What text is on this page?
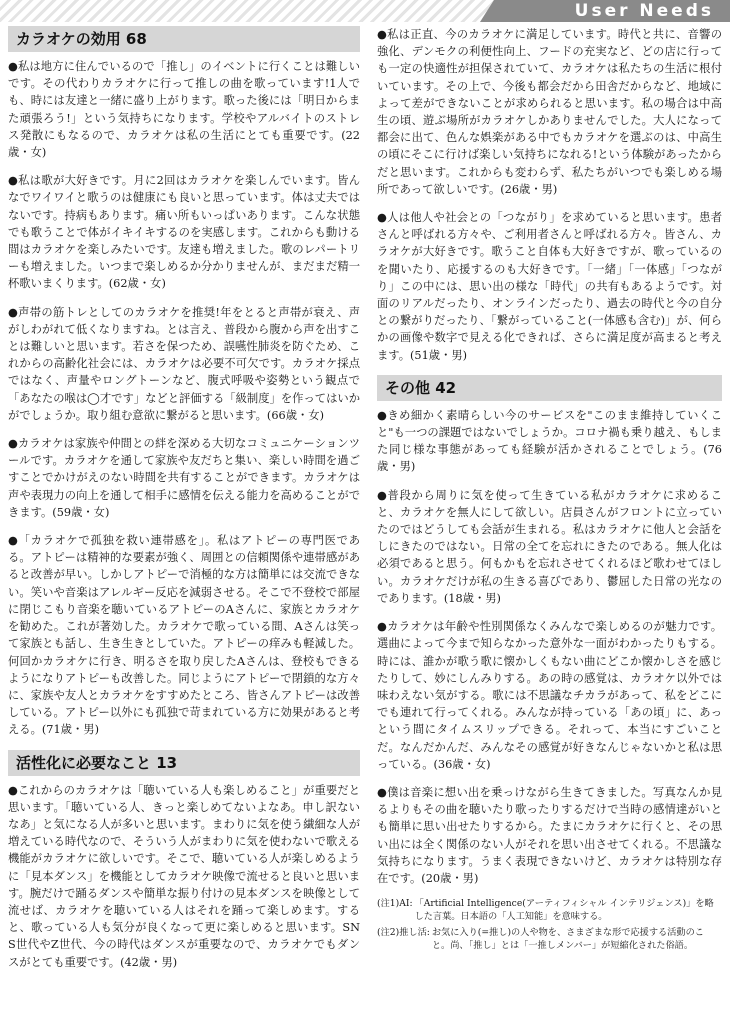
User Needs
カラオケの効用 68

●私は地方に住んでいるので「推し」のイベントに行くことは難しいです。その代わりカラオケに行って推しの曲を歌っています!1人でも、時には友達と一緒に盛り上がります。歌った後には「明日からまた頑張ろう!」という気持ちになります。学校やアルバイトのストレス発散にもなるので、カラオケは私の生活にとても重要です。(22歳・女)

●私は歌が大好きです。月に2回はカラオケを楽しんでいます。皆んなでワイワイと歌うのは健康にも良いと思っています。体は丈夫ではないです。持病もあります。痛い所もいっぱいあります。こんな状態でも歌うことで体がイキイキするのを実感します。これからも動ける間はカラオケを楽しみたいです。友達も増えました。歌のレパートリーも増えました。いつまで楽しめるか分かりませんが、まだまだ精一杯歌いまくります。(62歳・女)

●声帯の筋トレとしてのカラオケを推奨!年をとると声帯が衰え、声がしわがれて低くなりますね。とは言え、普段から腹から声を出すことは難しいと思います。若さを保つため、誤嚥性肺炎を防ぐため、これからの高齢化社会には、カラオケは必要不可欠です。カラオケ採点ではなく、声量やロングトーンなど、腹式呼吸や姿勢という観点で「あなたの喉は◯才です」などと評価する「級制度」を作ってはいかがでしょうか。取り組む意欲に繋がると思います。(66歳・女)

●カラオケは家族や仲間との絆を深める大切なコミュニケーションツールです。カラオケを通して家族や友だちと集い、楽しい時間を過ごすことでかけがえのない時間を共有することができます。カラオケは声や表現力の向上を通して相手に感情を伝える能力を高めることができます。(59歳・女)

●「カラオケで孤独を救い連帯感を」。私はアトピーの専門医である。アトピーは精神的な要素が強く、周囲との信頼関係や連帯感があると改善が早い。しかしアトピーで消極的な方は簡単には交流できない。笑いや音楽はアレルギー反応を減弱させる。そこで不登校で部屋に閉じこもり音楽を聴いているアトピーのAさんに、家族とカラオケを勧めた。これが著効した。カラオケで歌っている間、Aさんは笑って家族とも話し、生き生きとしていた。アトピーの痒みも軽減した。何回かカラオケに行き、明るさを取り戻したAさんは、登校もできるようになりアトピーも改善した。同じようにアトピーで閉鎖的な方々に、家族や友人とカラオケをすすめたところ、皆さんアトピーは改善している。アトピー以外にも孤独で苛まれている方に効果があると考える。(71歳・男)

活性化に必要なこと 13

●これからのカラオケは「聴いている人も楽しめること」が重要だと思います。「聴いている人、きっと楽しめてないよなあ。申し訳ないなあ」と気になる人が多いと思います。まわりに気を使う繊細な人が増えている時代なので、そういう人がまわりに気を使わないで歌える機能がカラオケに欲しいです。そこで、聴いている人が楽しめるように「見本ダンス」を機能としてカラオケ映像で流せると良いと思います。腕だけで踊るダンスや簡単な振り付けの見本ダンスを映像として流せば、カラオケを聴いている人はそれを踊って楽しめます。すると、歌っている人も気分が良くなって更に楽しめると思います。SNS世代やZ世代、今の時代はダンスが重要なので、カラオケでもダンスがとても重要です。(42歳・男)

●私は正直、今のカラオケに満足しています。時代と共に、音響の強化、デンモクの利便性向上、フードの充実など、どの店に行っても一定の快適性が担保されていて、カラオケは私たちの生活に根付いています。その上で、今後も都会だから田舎だからなど、地域によって差ができないことが求められると思います。私の場合は中高生の頃、遊ぶ場所がカラオケしかありませんでした。大人になって都会に出て、色んな娯楽がある中でもカラオケを選ぶのは、中高生の頃にそこに行けば楽しい気持ちになれる!という体験があったからだと思います。これからも変わらず、私たちがいつでも楽しめる場所であって欲しいです。(26歳・男)

●人は他人や社会との「つながり」を求めていると思います。患者さんと呼ばれる方々や、ご利用者さんと呼ばれる方々。皆さん、カラオケが大好きです。歌うこと自体も大好きですが、歌っているのを聞いたり、応援するのも大好きです。「一緒」「一体感」「つながり」この中には、思い出の様な「時代」の共有もあるようです。対面のリアルだったり、オンラインだったり、過去の時代と今の自分との繋がりだったり、「繋がっていること(一体感も含む)」が、何らかの画像や数字で見える化できれば、さらに満足度が高まると考えます。(51歳・男)

その他 42

●きめ細かく素晴らしい今のサービスを"このまま維持していくこと"も一つの課題ではないでしょうか。コロナ禍も乗り越え、もしまた同じ様な事態があっても経験が活かされることでしょう。(76歳・男)

●普段から周りに気を使って生きている私がカラオケに求めること、カラオケを無人にして欲しい。店員さんがフロントに立っていたのではどうしても会話が生まれる。私はカラオケに他人と会話をしにきたのではない。日常の全てを忘れにきたのである。無人化は必須であると思う。何もかもを忘れさせてくれるほど歌わせてほしい。カラオケだけが私の生きる喜びであり、鬱屈した日常の光なのであります。(18歳・男)

●カラオケは年齢や性別関係なくみんなで楽しめるのが魅力です。選曲によって今まで知らなかった意外な一面がわかったりもする。時には、誰かが歌う歌に懐かしくもない曲にどこか懐かしさを感じたりして、妙にしんみりする。あの時の感覚は、カラオケ以外では味わえない気がする。歌には不思議なチカラがあって、私をどこにでも連れて行ってくれる。みんなが持っている「あの頃」に、あっという間にタイムスリップできる。それって、本当にすごいことだ。なんだかんだ、みんなその感覚が好きなんじゃないかと私は思っている。(36歳・女)

●僕は音楽に想い出を乗っけながら生きてきました。写真なんか見るよりもその曲を聴いたり歌ったりするだけで当時の感情達がいとも簡単に思い出せたりするから。たまにカラオケに行くと、その思い出には全く関係のない人がそれを思い出させてくれる。不思議な気持ちになります。うまく表現できないけど、カラオケは特別な存在です。(20歳・男)

(注1)AI: 「Artificial Intelligence(アーティフィシャル インテリジェンス)」を略した言葉。日本語の「人工知能」を意味する。
(注2)推し活: お気に入り(=推し)の人や物を、さまざまな形で応援する活動のこと。尚、「推し」とは「一推しメンバー」が短縮化された俗語。
